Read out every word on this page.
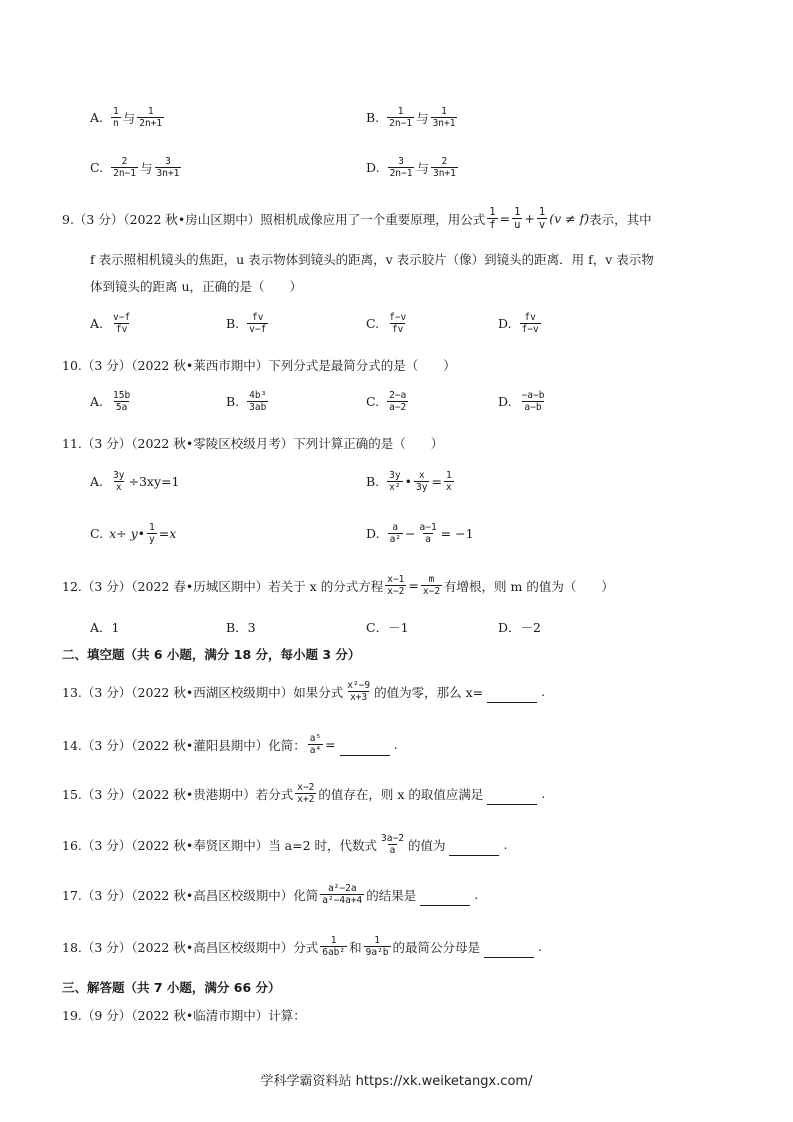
A. $\frac{1}{n}$ 与 $\frac{1}{2n+1}$	B. $\frac{1}{2n-1}$ 与 $\frac{1}{3n+1}$
C. $\frac{2}{2n-1}$ 与 $\frac{3}{3n+1}$	D. $\frac{3}{2n-1}$ 与 $\frac{2}{3n+1}$
9.（3 分）（2022 秋•房山区期中）照相机成像应用了一个重要原理，用公式 $\frac{1}{f} = \frac{1}{u} + \frac{1}{v} (v \ne f)$表示，其中
f 表示照相机镜头的焦距，u 表示物体到镜头的距离，v 表示胶片（像）到镜头的距离．用 f，v 表示物
体到镜头的距离 u，正确的是（　　）
A. $\frac{v-f}{fv}$	B. $\frac{fv}{v-f}$	C. $\frac{f-v}{fv}$	D. $\frac{fv}{f-v}$
10.（3 分）（2022 秋•莱西市期中）下列分式是最简分式的是（　　）
A. $\frac{15b}{5a}$	B. $\frac{\text{4b³}}{3ab}$	C. $\frac{2-a}{a-2}$	D. $\frac{-a-b}{a-b}$
11.（3 分）（2022 秋•零陵区校级月考）下列计算正确的是（　　）
A. $\frac{3y}{x} \div 3xy=1$	B. $\frac{3y}{\text{x²}}$ • $\frac{x}{3y} = \frac{1}{x}$
C. x÷ y• $\frac{1}{y} =x$	D. $\frac{a}{\text{a²}} - \frac{a-1}{a} = -1$
12.（3 分）（2022 春•历城区期中）若关于 x 的分式方程 $\frac{x-1}{x-2} = \frac{m}{x-2}$ 有增根，则 m 的值为（　　）
A．1	B．3	C．－1	D．－2
二、填空题（共 6 小题，满分 18 分，每小题 3 分）
13.（3 分）（2022 秋•西湖区校级期中）如果分式 $\frac{\text{x²−9}}{x+3}$ 的值为零，那么 x=	.
14.（3 分）（2022 秋•灌阳县期中）化简： $\frac{\text{a⁵}}{\text{a⁴}}$ =	.
15.（3 分）（2022 秋•贵港期中）若分式 $\frac{x-2}{x+2}$ 的值存在，则 x 的取值应满足	.
16.（3 分）（2022 秋•奉贤区期中）当 a=2 时，代数式 $\frac{3a-2}{a}$ 的值为	.
17.（3 分）（2022 秋•高昌区校级期中）化简 $\frac{\text{a²−2a}}{\text{a²−4a+4}}$ 的结果是	.
18.（3 分）（2022 秋•高昌区校级期中）分式 $\frac{1}{\text{6ab²}}$ 和 $\frac{1}{\text{9a²b}}$ 的最简公分母是	.
三、解答题（共 7 小题，满分 66 分）
19.（9 分）（2022 秋•临清市期中）计算：
学科学霸资料站 https://xk.weiketangx.com/
